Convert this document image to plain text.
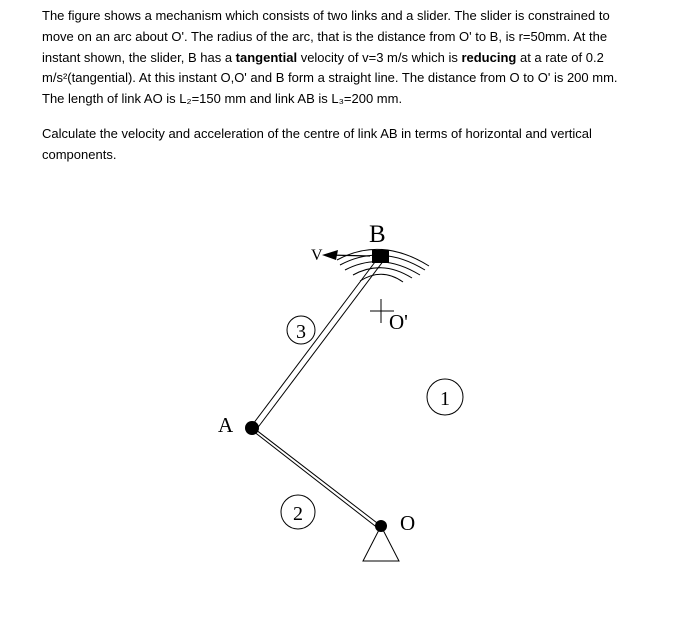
The figure shows a mechanism which consists of two links and a slider. The slider is constrained to move on an arc about O'. The radius of the arc, that is the distance from O' to B, is r=50mm. At the instant shown, the slider, B has a tangential velocity of v=3 m/s which is reducing at a rate of 0.2 m/s²(tangential). At this instant O,O' and B form a straight line. The distance from O to O' is 200 mm. The length of link AO is L₂=150 mm and link AB is L₃=200 mm.
Calculate the velocity and acceleration of the centre of link AB in terms of horizontal and vertical components.
V
B
O'
3
1
A
2	O
